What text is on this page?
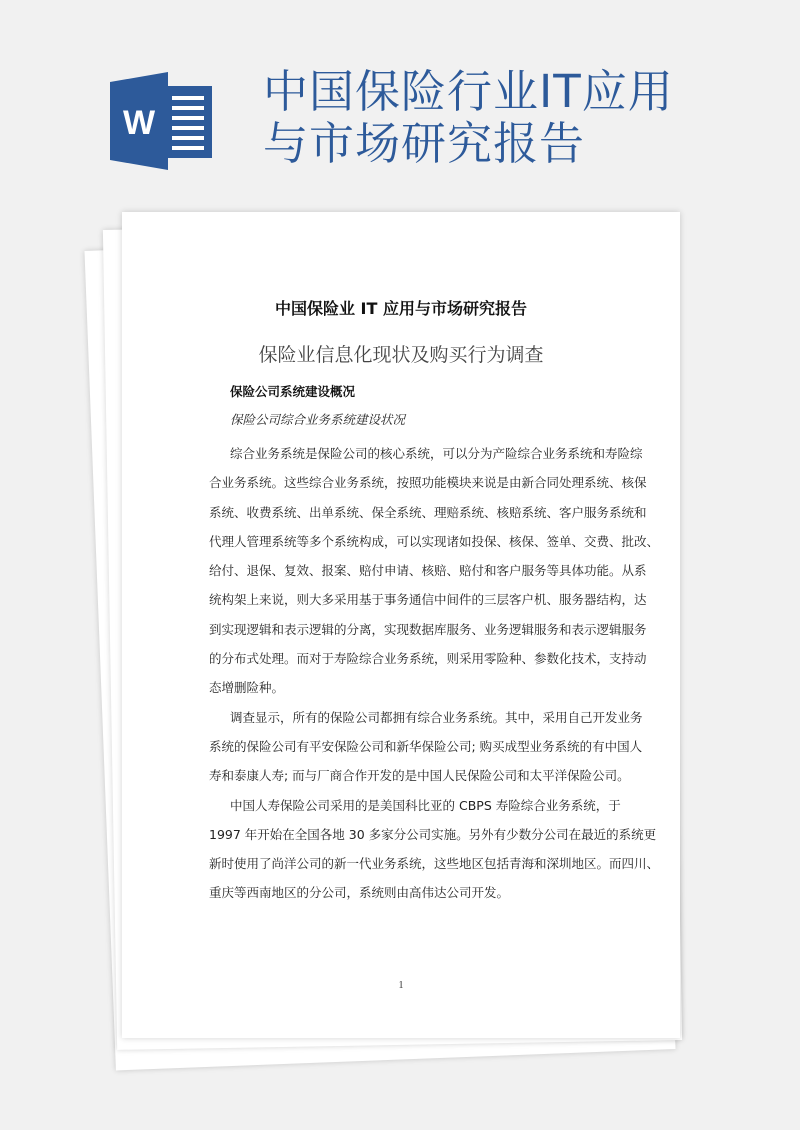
W
中国保险行业IT应用
与市场研究报告
中国保险业 IT 应用与市场研究报告
保险业信息化现状及购买行为调查
保险公司系统建设概况
保险公司综合业务系统建设状况
综合业务系统是保险公司的核心系统，可以分为产险综合业务系统和寿险综
合业务系统。这些综合业务系统，按照功能模块来说是由新合同处理系统、核保
系统、收费系统、出单系统、保全系统、理赔系统、核赔系统、客户服务系统和
代理人管理系统等多个系统构成，可以实现诸如投保、核保、签单、交费、批改、
给付、退保、复效、报案、赔付申请、核赔、赔付和客户服务等具体功能。从系
统构架上来说，则大多采用基于事务通信中间件的三层客户机、服务器结构，达
到实现逻辑和表示逻辑的分离，实现数据库服务、业务逻辑服务和表示逻辑服务
的分布式处理。而对于寿险综合业务系统，则采用零险种、参数化技术，支持动
态增删险种。
调查显示，所有的保险公司都拥有综合业务系统。其中，采用自己开发业务
系统的保险公司有平安保险公司和新华保险公司; 购买成型业务系统的有中国人
寿和泰康人寿; 而与厂商合作开发的是中国人民保险公司和太平洋保险公司。
中国人寿保险公司采用的是美国科比亚的 CBPS 寿险综合业务系统，于
1997 年开始在全国各地 30 多家分公司实施。另外有少数分公司在最近的系统更
新时使用了尚洋公司的新一代业务系统，这些地区包括青海和深圳地区。而四川、
重庆等西南地区的分公司，系统则由高伟达公司开发。
1
